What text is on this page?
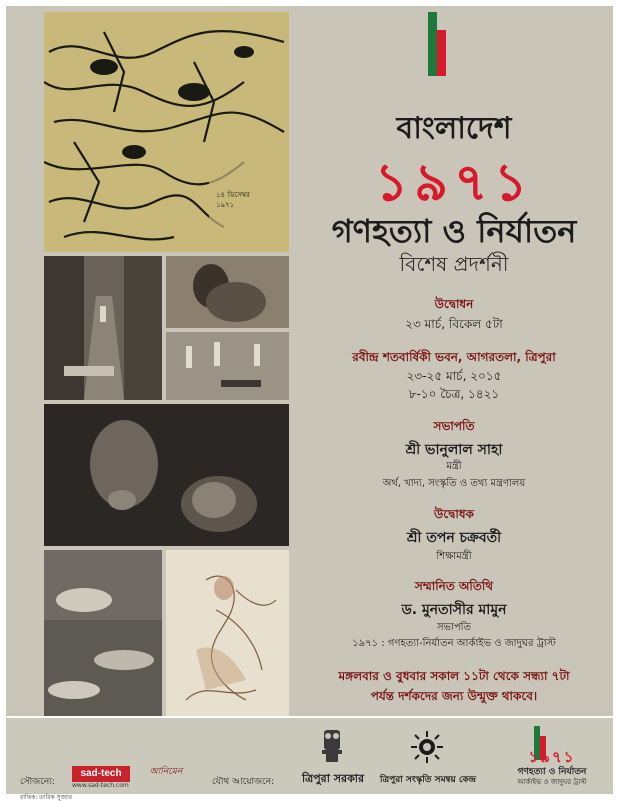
১৪ ডিসেম্বর
১৯৭১
বাংলাদেশ
১৯৭১
গণহত্যা ও নির্যাতন
বিশেষ প্রদর্শনী
উদ্বোধন
২৩ মার্চ, বিকেল ৫টা
রবীন্দ্র শতবার্ষিকী ভবন, আগরতলা, ত্রিপুরা
২৩-২৫ মার্চ, ২০১৫
৮-১০ চৈত্র, ১৪২১
সভাপতি
শ্রী ভানুলাল সাহা
মন্ত্রী
অর্থ, খাদ্য, সংস্কৃতি ও তথ্য মন্ত্রণালয়
উদ্বোধক
শ্রী তপন চক্রবর্তী
শিক্ষামন্ত্রী
সম্মানিত অতিথি
ড. মুনতাসীর মামুন
সভাপতি
১৯৭১ : গণহত্যা-নির্যাতন আর্কাইভ ও জাদুঘর ট্রাস্ট
মঙ্গলবার ও বুধবার সকাল ১১টা থেকে সন্ধ্যা ৭টা
পর্যন্ত দর্শকদের জন্য উন্মুক্ত থাকবে।
সৌজন্যে:
sad-tech
www.sad-tech.com
আনিমেন
রাফিক: তারিক সুজাত
যৌথ আয়োজনে:	ত্রিপুরা সরকার	ত্রিপুরা সংস্কৃতি সমন্বয় কেন্দ্র
১৯৭১
গণহত্যা ও নির্যাতন
আর্কাইভ ও জাদুঘর ট্রাস্ট
